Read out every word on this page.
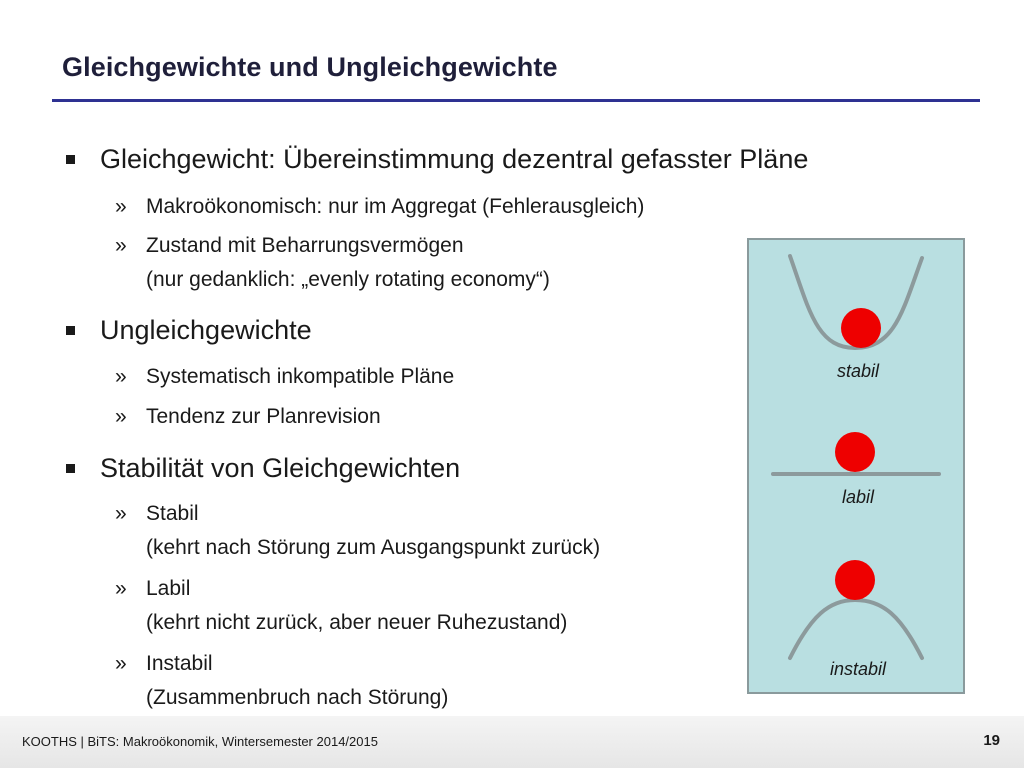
Gleichgewichte und Ungleichgewichte
Gleichgewicht: Übereinstimmung dezentral gefasster Pläne
» Makroökonomisch: nur im Aggregat (Fehlerausgleich)
» Zustand mit Beharrungsvermögen
(nur gedanklich: „evenly rotating economy“)
Ungleichgewichte
» Systematisch inkompatible Pläne
» Tendenz zur Planrevision
Stabilität von Gleichgewichten
» Stabil
(kehrt nach Störung zum Ausgangspunkt zurück)
» Labil
(kehrt nicht zurück, aber neuer Ruhezustand)
» Instabil
(Zusammenbruch nach Störung)
stabil
labil
instabil
KOOTHS | BiTS: Makroökonomik, Wintersemester 2014/2015	19
